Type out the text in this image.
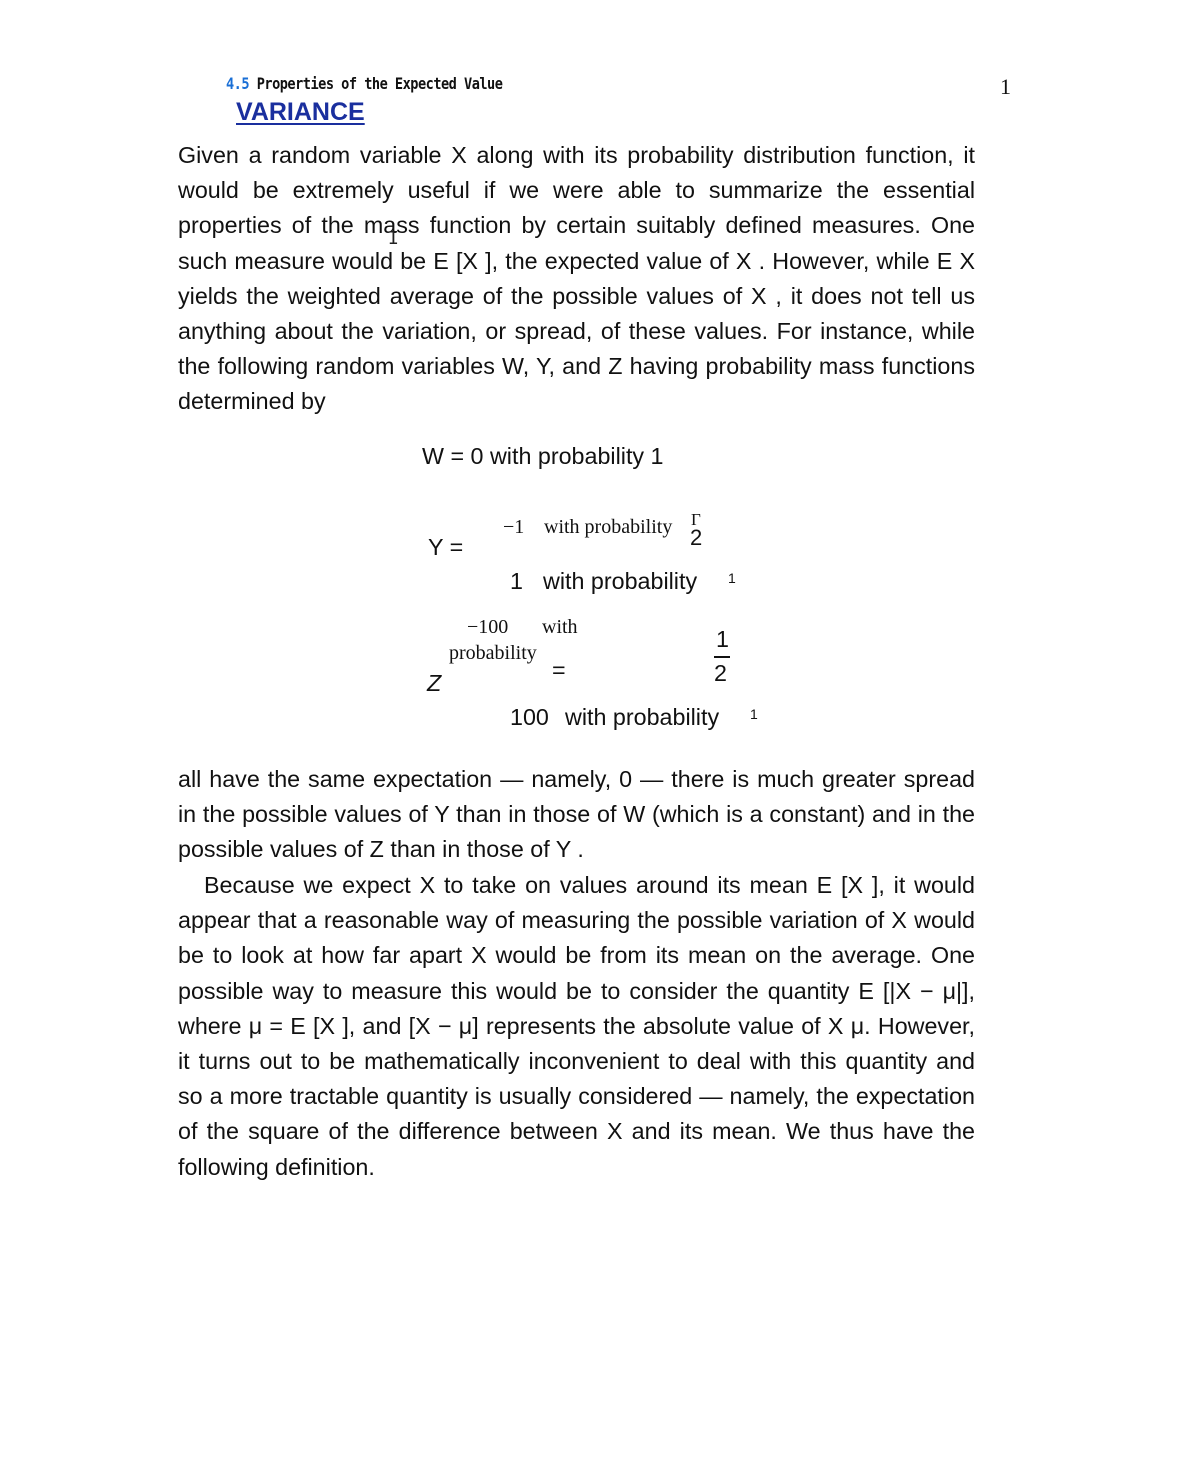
4.5 Properties of the Expected Value	1
VARIANCE

Given a random variable X along with its probability distribution function, it would be extremely useful if we were able to summarize the essential properties of the mass function by certain suitably defined measures. One such measure would be E [X ], the expected value of X . However, while E X yields the weighted average of the possible values of X , it does not tell us anything about the variation, or spread, of these values. For instance, while the following random variables W, Y, and Z having probability mass functions determined by

I
W = 0 with probability 1
Y =
−1 with probability Γ
2
1 with probability 1
−100 with
probability
=
1
2
Z
100 with probability 1

all have the same expectation — namely, 0 — there is much greater spread in the possible values of Y than in those of W (which is a constant) and in the possible values of Z than in those of Y .

Because we expect X to take on values around its mean E [X ], it would appear that a reasonable way of measuring the possible variation of X would be to look at how far apart X would be from its mean on the average. One possible way to measure this would be to consider the quantity E [|X − μ|], where μ = E [X ], and [X − μ] represents the absolute value of X μ. However, it turns out to be mathematically inconvenient to deal with this quantity and so a more tractable quantity is usually considered — namely, the expectation of the square of the difference between X and its mean. We thus have the following definition.
